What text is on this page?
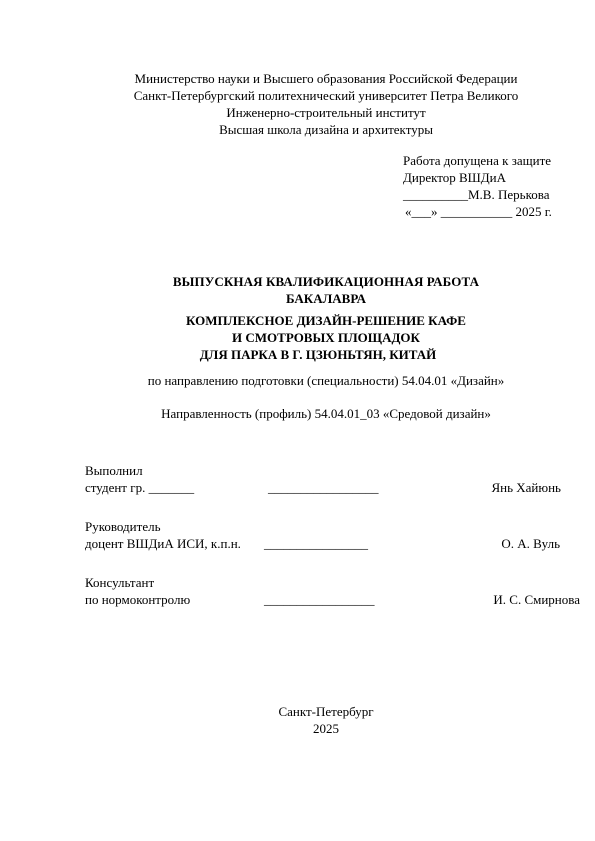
Министерство науки и Высшего образования Российской Федерации
Санкт-Петербургский политехнический университет Петра Великого
Инженерно-строительный институт
Высшая школа дизайна и архитектуры
Работа допущена к защите
Директор ВШДиА
__________М.В. Перькова
«___» ___________ 2025 г.
ВЫПУСКНАЯ КВАЛИФИКАЦИОННАЯ РАБОТА
БАКАЛАВРА
КОМПЛЕКСНОЕ ДИЗАЙН-РЕШЕНИЕ КАФЕ
И СМОТРОВЫХ ПЛОЩАДОК
ДЛЯ ПАРКА В Г. ЦЗЮНЬТЯН, КИТАЙ
по направлению подготовки (специальности) 54.04.01 «Дизайн»
Направленность (профиль) 54.04.01_03 «Средовой дизайн»
Выполнил
студент гр. _______	_________________	Янь Хайюнь
Руководитель
доцент ВШДиА ИСИ, к.п.н. ________________	О. А. Вуль
Консультант
по нормоконтролю	_________________	И. С. Смирнова
Санкт-Петербург
2025
